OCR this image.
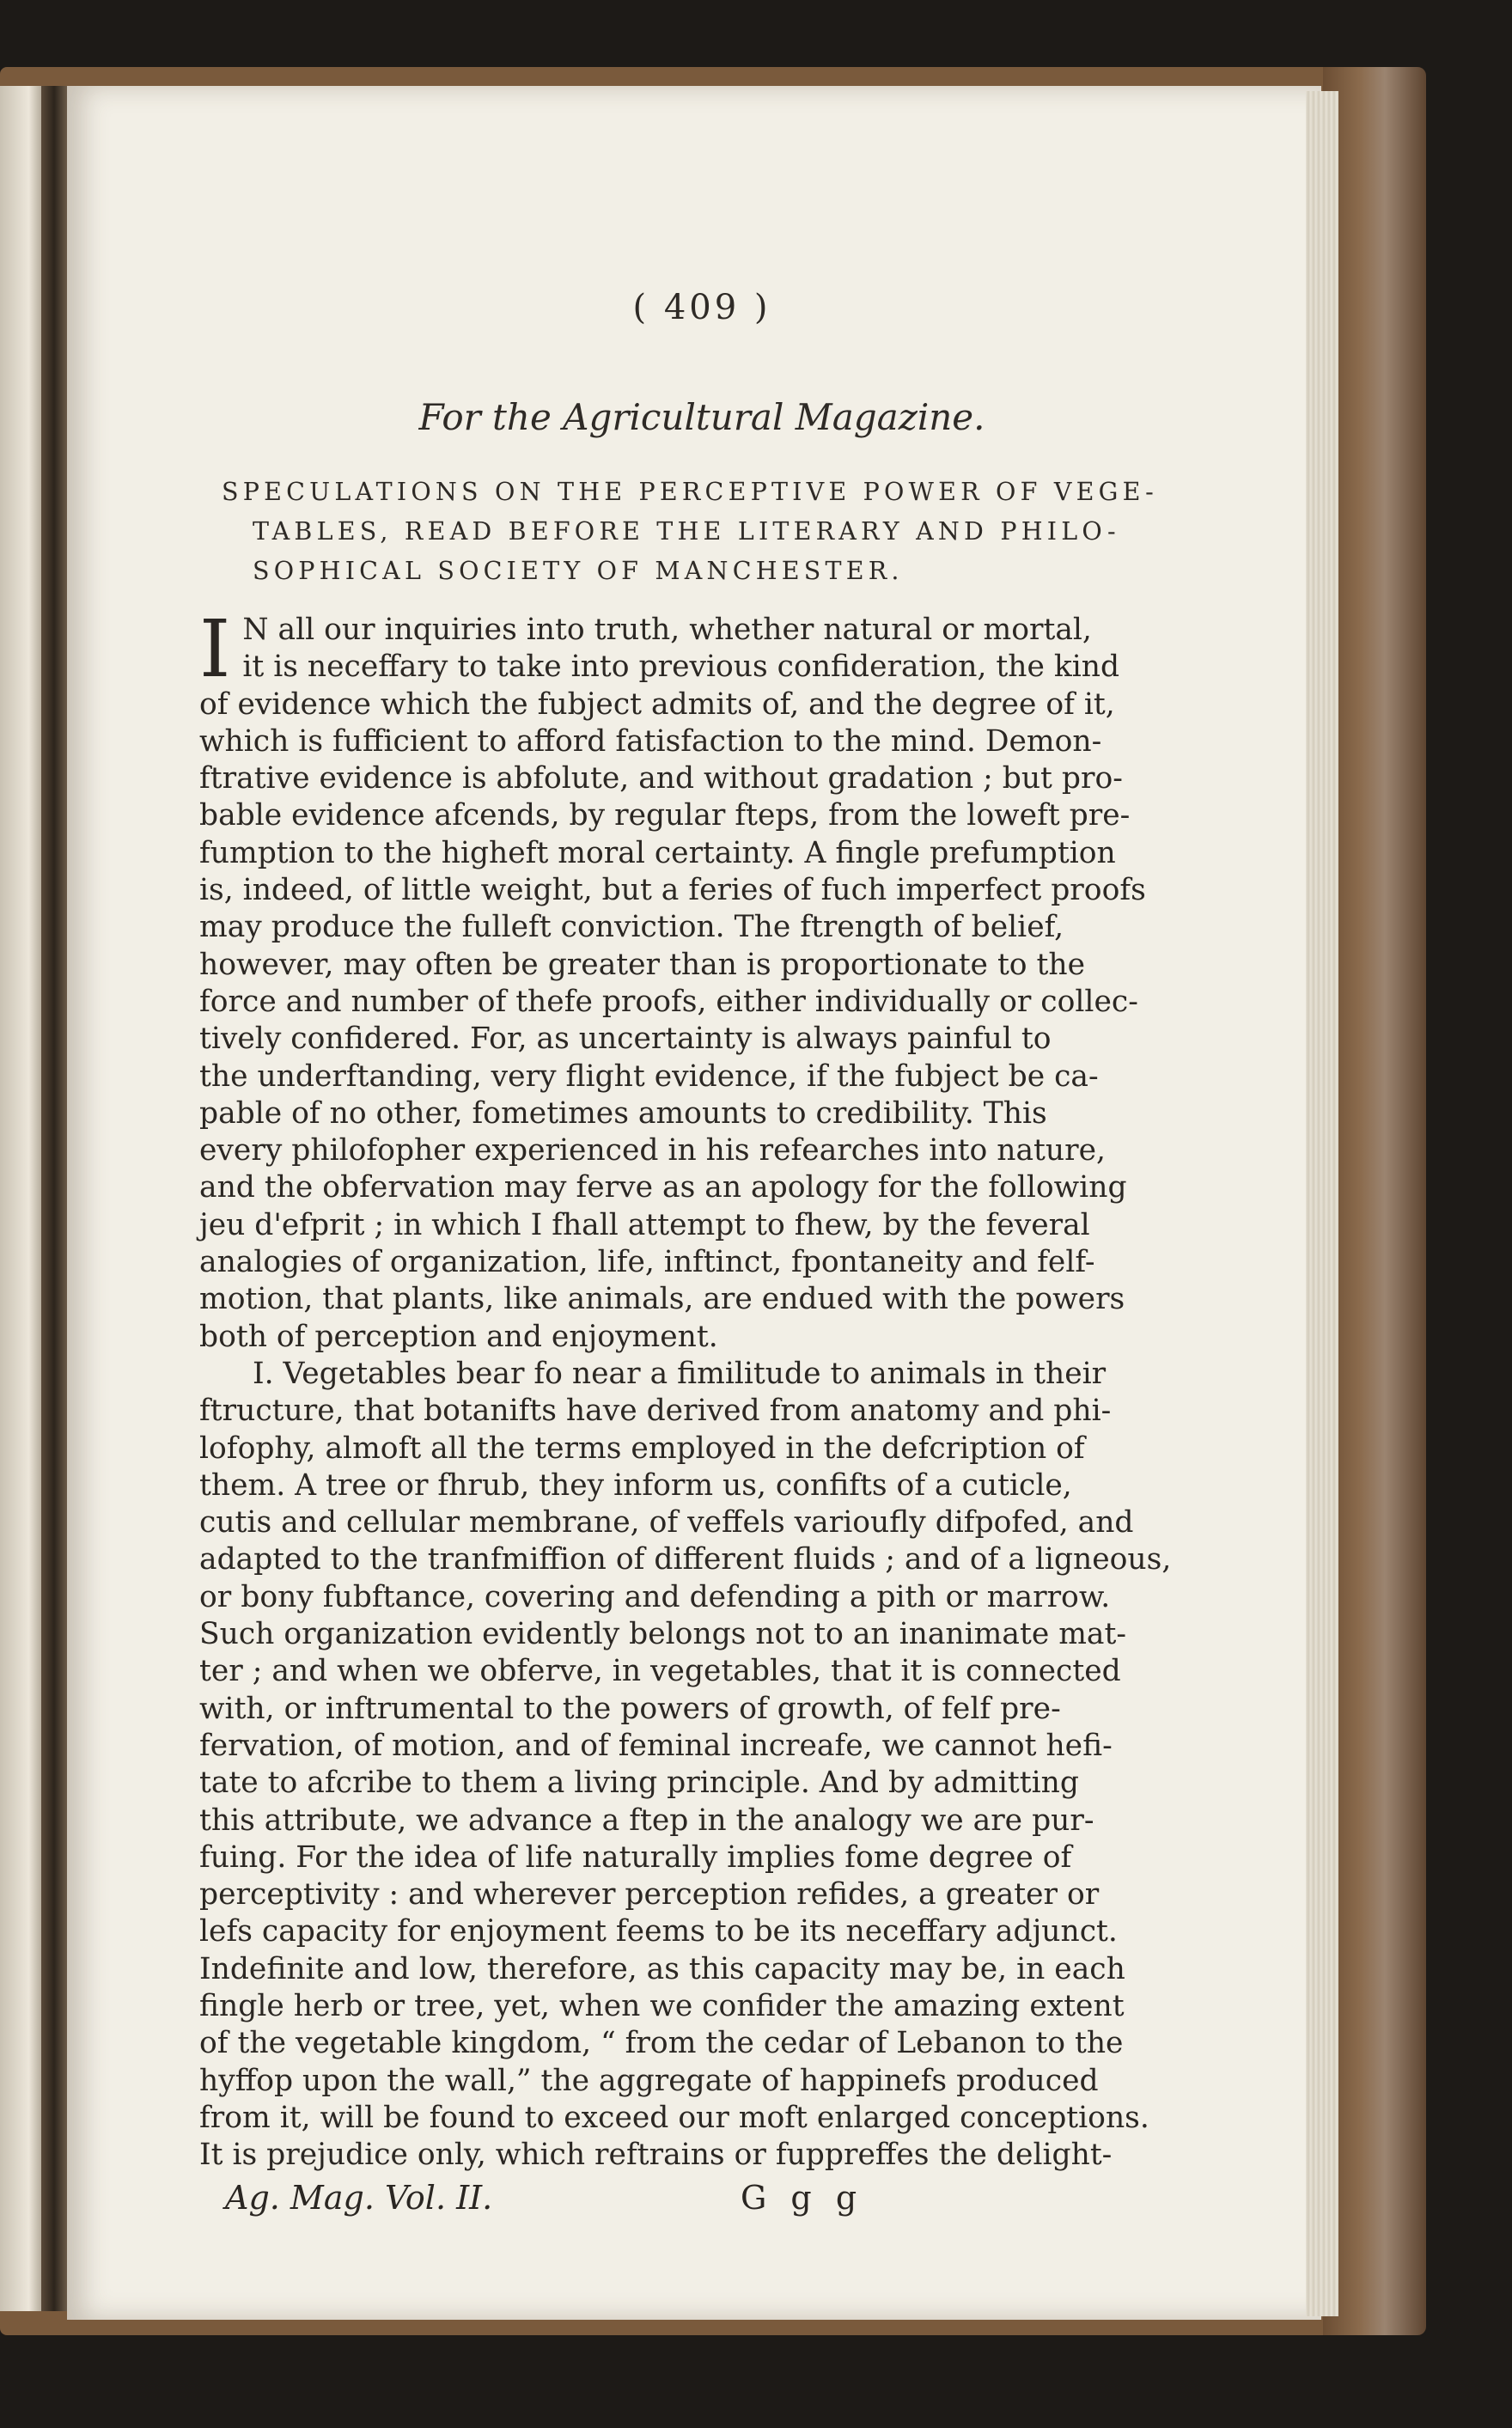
( 409 )
For the Agricultural Magazine.
SPECULATIONS ON THE PERCEPTIVE POWER OF VEGE-
TABLES, READ BEFORE THE LITERARY AND PHILO-
SOPHICAL SOCIETY OF MANCHESTER.
I N all our inquiries into truth, whether natural or mortal,
it is neceffary to take into previous confideration, the kind
of evidence which the fubject admits of, and the degree of it,
which is fufficient to afford fatisfaction to the mind. Demon-
ftrative evidence is abfolute, and without gradation ; but pro-
bable evidence afcends, by regular fteps, from the loweft pre-
fumption to the higheft moral certainty. A fingle prefumption
is, indeed, of little weight, but a feries of fuch imperfect proofs
may produce the fulleft conviction. The ftrength of belief,
however, may often be greater than is proportionate to the
force and number of thefe proofs, either individually or collec-
tively confidered. For, as uncertainty is always painful to
the underftanding, very flight evidence, if the fubject be ca-
pable of no other, fometimes amounts to credibility. This
every philofopher experienced in his refearches into nature,
and the obfervation may ferve as an apology for the following
jeu d'efprit ; in which I fhall attempt to fhew, by the feveral
analogies of organization, life, inftinct, fpontaneity and felf-
motion, that plants, like animals, are endued with the powers
both of perception and enjoyment.
I. Vegetables bear fo near a fimilitude to animals in their
ftructure, that botanifts have derived from anatomy and phi-
lofophy, almoft all the terms employed in the defcription of
them. A tree or fhrub, they inform us, confifts of a cuticle,
cutis and cellular membrane, of veffels varioufly difpofed, and
adapted to the tranfmiffion of different fluids ; and of a ligneous,
or bony fubftance, covering and defending a pith or marrow.
Such organization evidently belongs not to an inanimate mat-
ter ; and when we obferve, in vegetables, that it is connected
with, or inftrumental to the powers of growth, of felf pre-
fervation, of motion, and of feminal increafe, we cannot hefi-
tate to afcribe to them a living principle. And by admitting
this attribute, we advance a ftep in the analogy we are pur-
fuing. For the idea of life naturally implies fome degree of
perceptivity : and wherever perception refides, a greater or
lefs capacity for enjoyment feems to be its neceffary adjunct.
Indefinite and low, therefore, as this capacity may be, in each
fingle herb or tree, yet, when we confider the amazing extent
of the vegetable kingdom, “ from the cedar of Lebanon to the
hyffop upon the wall,” the aggregate of happinefs produced
from it, will be found to exceed our moft enlarged conceptions.
It is prejudice only, which reftrains or fuppreffes the delight-
Ag. Mag. Vol. II.	G g g
